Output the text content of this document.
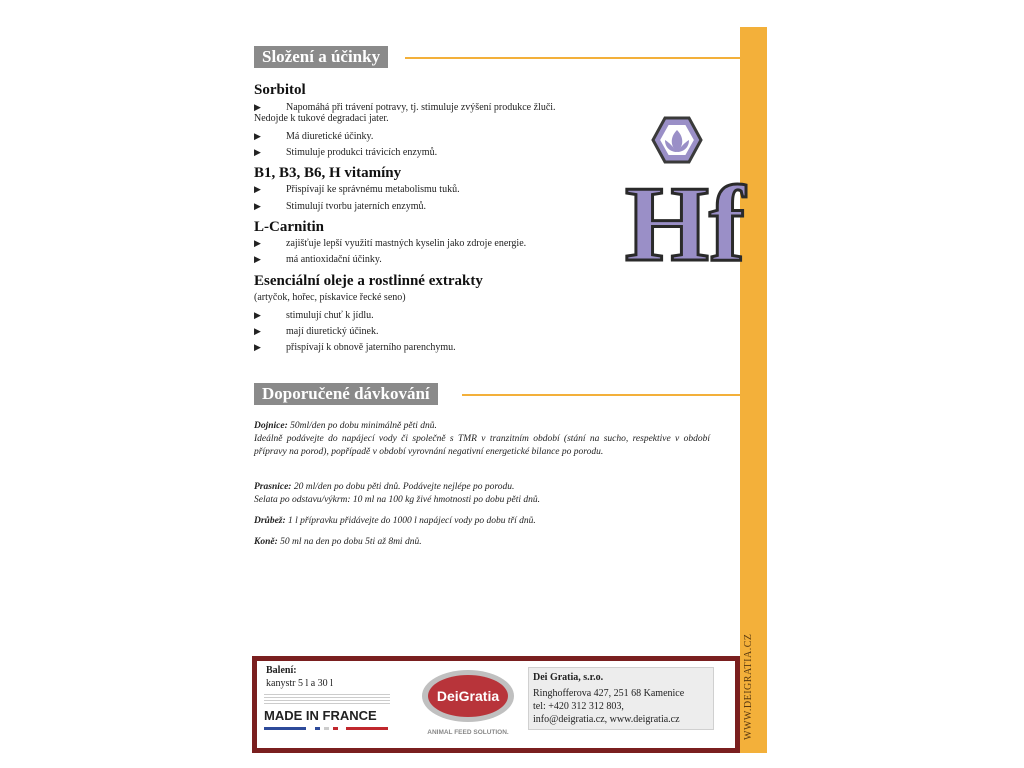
WWW.DEIGRATIA.CZ
Složení a účinky
Sorbitol
▶	Napomáhá při trávení potravy, tj. stimuluje zvýšení produkce žluči.
Nedojde k tukové degradaci jater.
▶	Má diuretické účinky.
▶	Stimuluje produkci trávicích enzymů.
B1, B3, B6, H vitamíny
▶	Přispívají ke správnému metabolismu tuků.
▶	Stimulují tvorbu jaterních enzymů.
L-Carnitin
▶	zajišťuje lepší využití mastných kyselin jako zdroje energie.
▶	má antioxidační účinky.
Esenciální oleje a rostlinné extrakty
(artyčok, hořec, pískavice řecké seno)
▶	stimulují chuť k jídlu.
▶	mají diuretický účinek.
▶	přispívají k obnově jaterního parenchymu.
Hf
Doporučené dávkování
Dojnice: 50ml/den po dobu minimálně pěti dnů.
Ideálně podávejte do napájecí vody či společně s TMR v tranzitním období (stání na sucho, respektive v období přípravy na porod), popřípadě v období vyrovnání negativní energetické bilance po porodu.
Prasnice: 20 ml/den po dobu pěti dnů. Podávejte nejlépe po porodu.
Selata po odstavu/výkrm: 10 ml na 100 kg živé hmotnosti po dobu pěti dnů.
Drůbež: 1 l přípravku přidávejte do 1000 l napájecí vody po dobu tří dnů.
Koně: 50 ml na den po dobu 5ti až 8mi dnů.
Balení:
kanystr 5 l a 30 l
MADE IN FRANCE
DeiGratia
ANIMAL FEED SOLUTION.
Dei Gratia, s.r.o.
Ringhofferova 427, 251 68 Kamenice
tel: +420 312 312 803,
info@deigratia.cz, www.deigratia.cz
